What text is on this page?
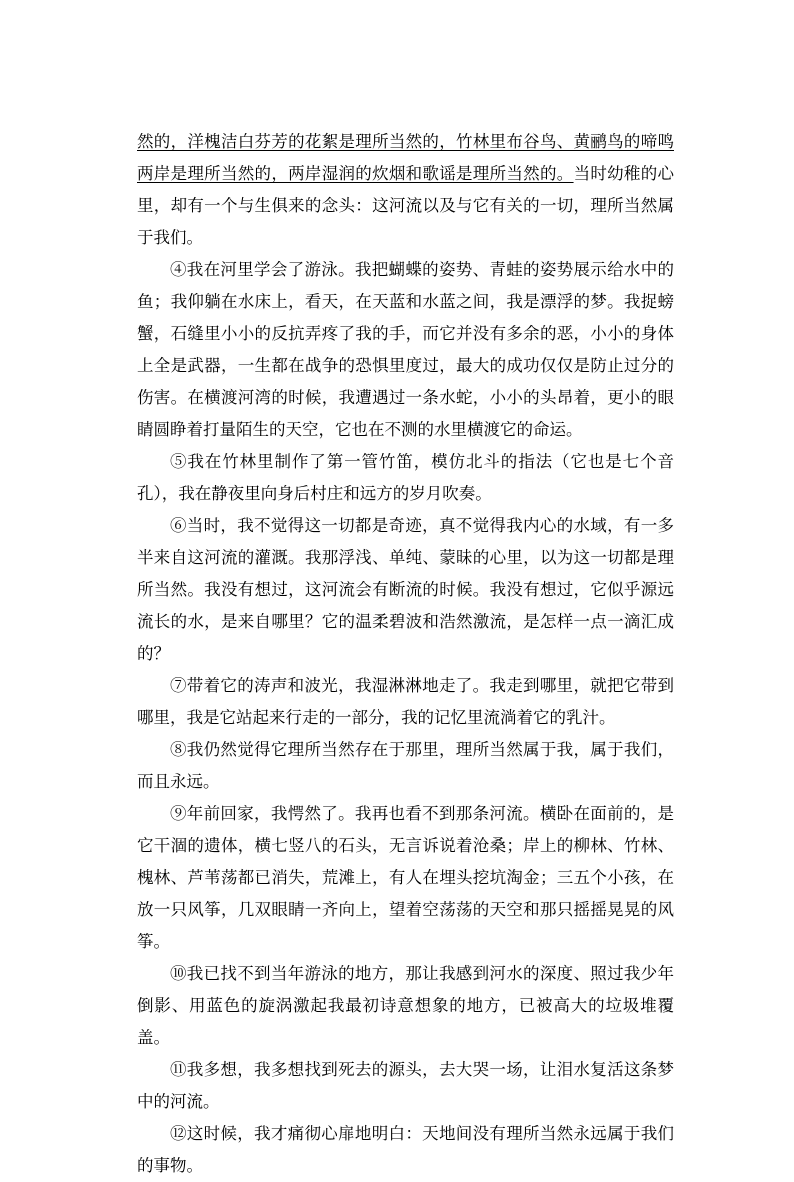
然的，洋槐洁白芬芳的花絮是理所当然的，竹林里布谷鸟、黄鹂鸟的啼鸣两岸是理所当然的，两岸湿润的炊烟和歌谣是理所当然的。当时幼稚的心里，却有一个与生俱来的念头：这河流以及与它有关的一切，理所当然属于我们。

④我在河里学会了游泳。我把蝴蝶的姿势、青蛙的姿势展示给水中的鱼；我仰躺在水床上，看天，在天蓝和水蓝之间，我是漂浮的梦。我捉螃蟹，石缝里小小的反抗弄疼了我的手，而它并没有多余的恶，小小的身体上全是武器，一生都在战争的恐惧里度过，最大的成功仅仅是防止过分的伤害。在横渡河湾的时候，我遭遇过一条水蛇，小小的头昂着，更小的眼睛圆睁着打量陌生的天空，它也在不测的水里横渡它的命运。

⑤我在竹林里制作了第一管竹笛，模仿北斗的指法（它也是七个音孔），我在静夜里向身后村庄和远方的岁月吹奏。

⑥当时，我不觉得这一切都是奇迹，真不觉得我内心的水域，有一多半来自这河流的灌溉。我那浮浅、单纯、蒙昧的心里，以为这一切都是理所当然。我没有想过，这河流会有断流的时候。我没有想过，它似乎源远流长的水，是来自哪里？它的温柔碧波和浩然激流，是怎样一点一滴汇成的？

⑦带着它的涛声和波光，我湿淋淋地走了。我走到哪里，就把它带到哪里，我是它站起来行走的一部分，我的记忆里流淌着它的乳汁。

⑧我仍然觉得它理所当然存在于那里，理所当然属于我，属于我们，而且永远。

⑨年前回家，我愕然了。我再也看不到那条河流。横卧在面前的，是它干涸的遗体，横七竖八的石头，无言诉说着沧桑；岸上的柳林、竹林、槐林、芦苇荡都已消失，荒滩上，有人在埋头挖坑淘金；三五个小孩，在放一只风筝，几双眼睛一齐向上，望着空荡荡的天空和那只摇摇晃晃的风筝。

⑩我已找不到当年游泳的地方，那让我感到河水的深度、照过我少年倒影、用蓝色的旋涡激起我最初诗意想象的地方，已被高大的垃圾堆覆盖。

⑪我多想，我多想找到死去的源头，去大哭一场，让泪水复活这条梦中的河流。

⑫这时候，我才痛彻心扉地明白：天地间没有理所当然永远属于我们的事物。
